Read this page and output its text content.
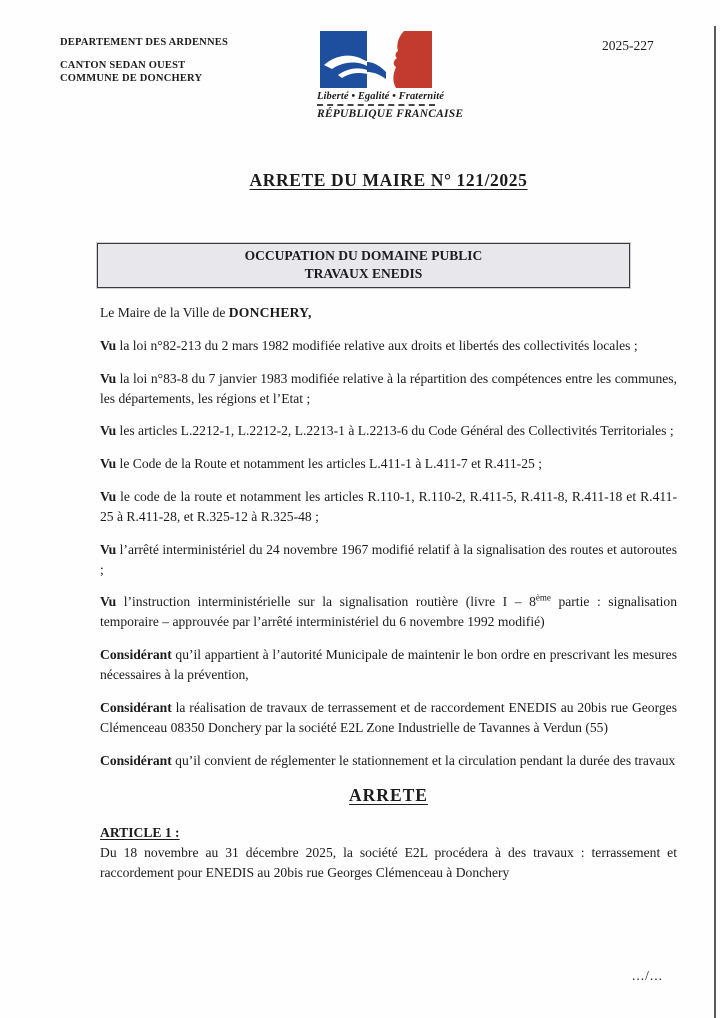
DEPARTEMENT DES ARDENNES
CANTON SEDAN OUEST
COMMUNE DE DONCHERY
2025-227
Liberté • Egalité • Fraternité
RÉPUBLIQUE FRANCAISE
ARRETE DU MAIRE N° 121/2025
OCCUPATION DU DOMAINE PUBLIC
TRAVAUX ENEDIS

Le Maire de la Ville de DONCHERY,

Vu la loi n°82-213 du 2 mars 1982 modifiée relative aux droits et libertés des collectivités locales ;

Vu la loi n°83-8 du 7 janvier 1983 modifiée relative à la répartition des compétences entre les communes, les départements, les régions et l’Etat ;

Vu les articles L.2212-1, L.2212-2, L.2213-1 à L.2213-6 du Code Général des Collectivités Territoriales ;

Vu le Code de la Route et notamment les articles L.411-1 à L.411-7 et R.411-25 ;

Vu le code de la route et notamment les articles R.110-1, R.110-2, R.411-5, R.411-8, R.411-18 et R.411-25 à R.411-28, et R.325-12 à R.325-48 ;

Vu l’arrêté interministériel du 24 novembre 1967 modifié relatif à la signalisation des routes et autoroutes ;

Vu l’instruction interministérielle sur la signalisation routière (livre I – 8ème partie : signalisation temporaire – approuvée par l’arrêté interministériel du 6 novembre 1992 modifié)

Considérant qu’il appartient à l’autorité Municipale de maintenir le bon ordre en prescrivant les mesures nécessaires à la prévention,

Considérant la réalisation de travaux de terrassement et de raccordement ENEDIS au 20bis rue Georges Clémenceau 08350 Donchery par la société E2L Zone Industrielle de Tavannes à Verdun (55)

Considérant qu’il convient de réglementer le stationnement et la circulation pendant la durée des travaux

ARRETE

ARTICLE 1 :

Du 18 novembre au 31 décembre 2025, la société E2L procédera à des travaux : terrassement et raccordement pour ENEDIS au 20bis rue Georges Clémenceau à Donchery

.../...
